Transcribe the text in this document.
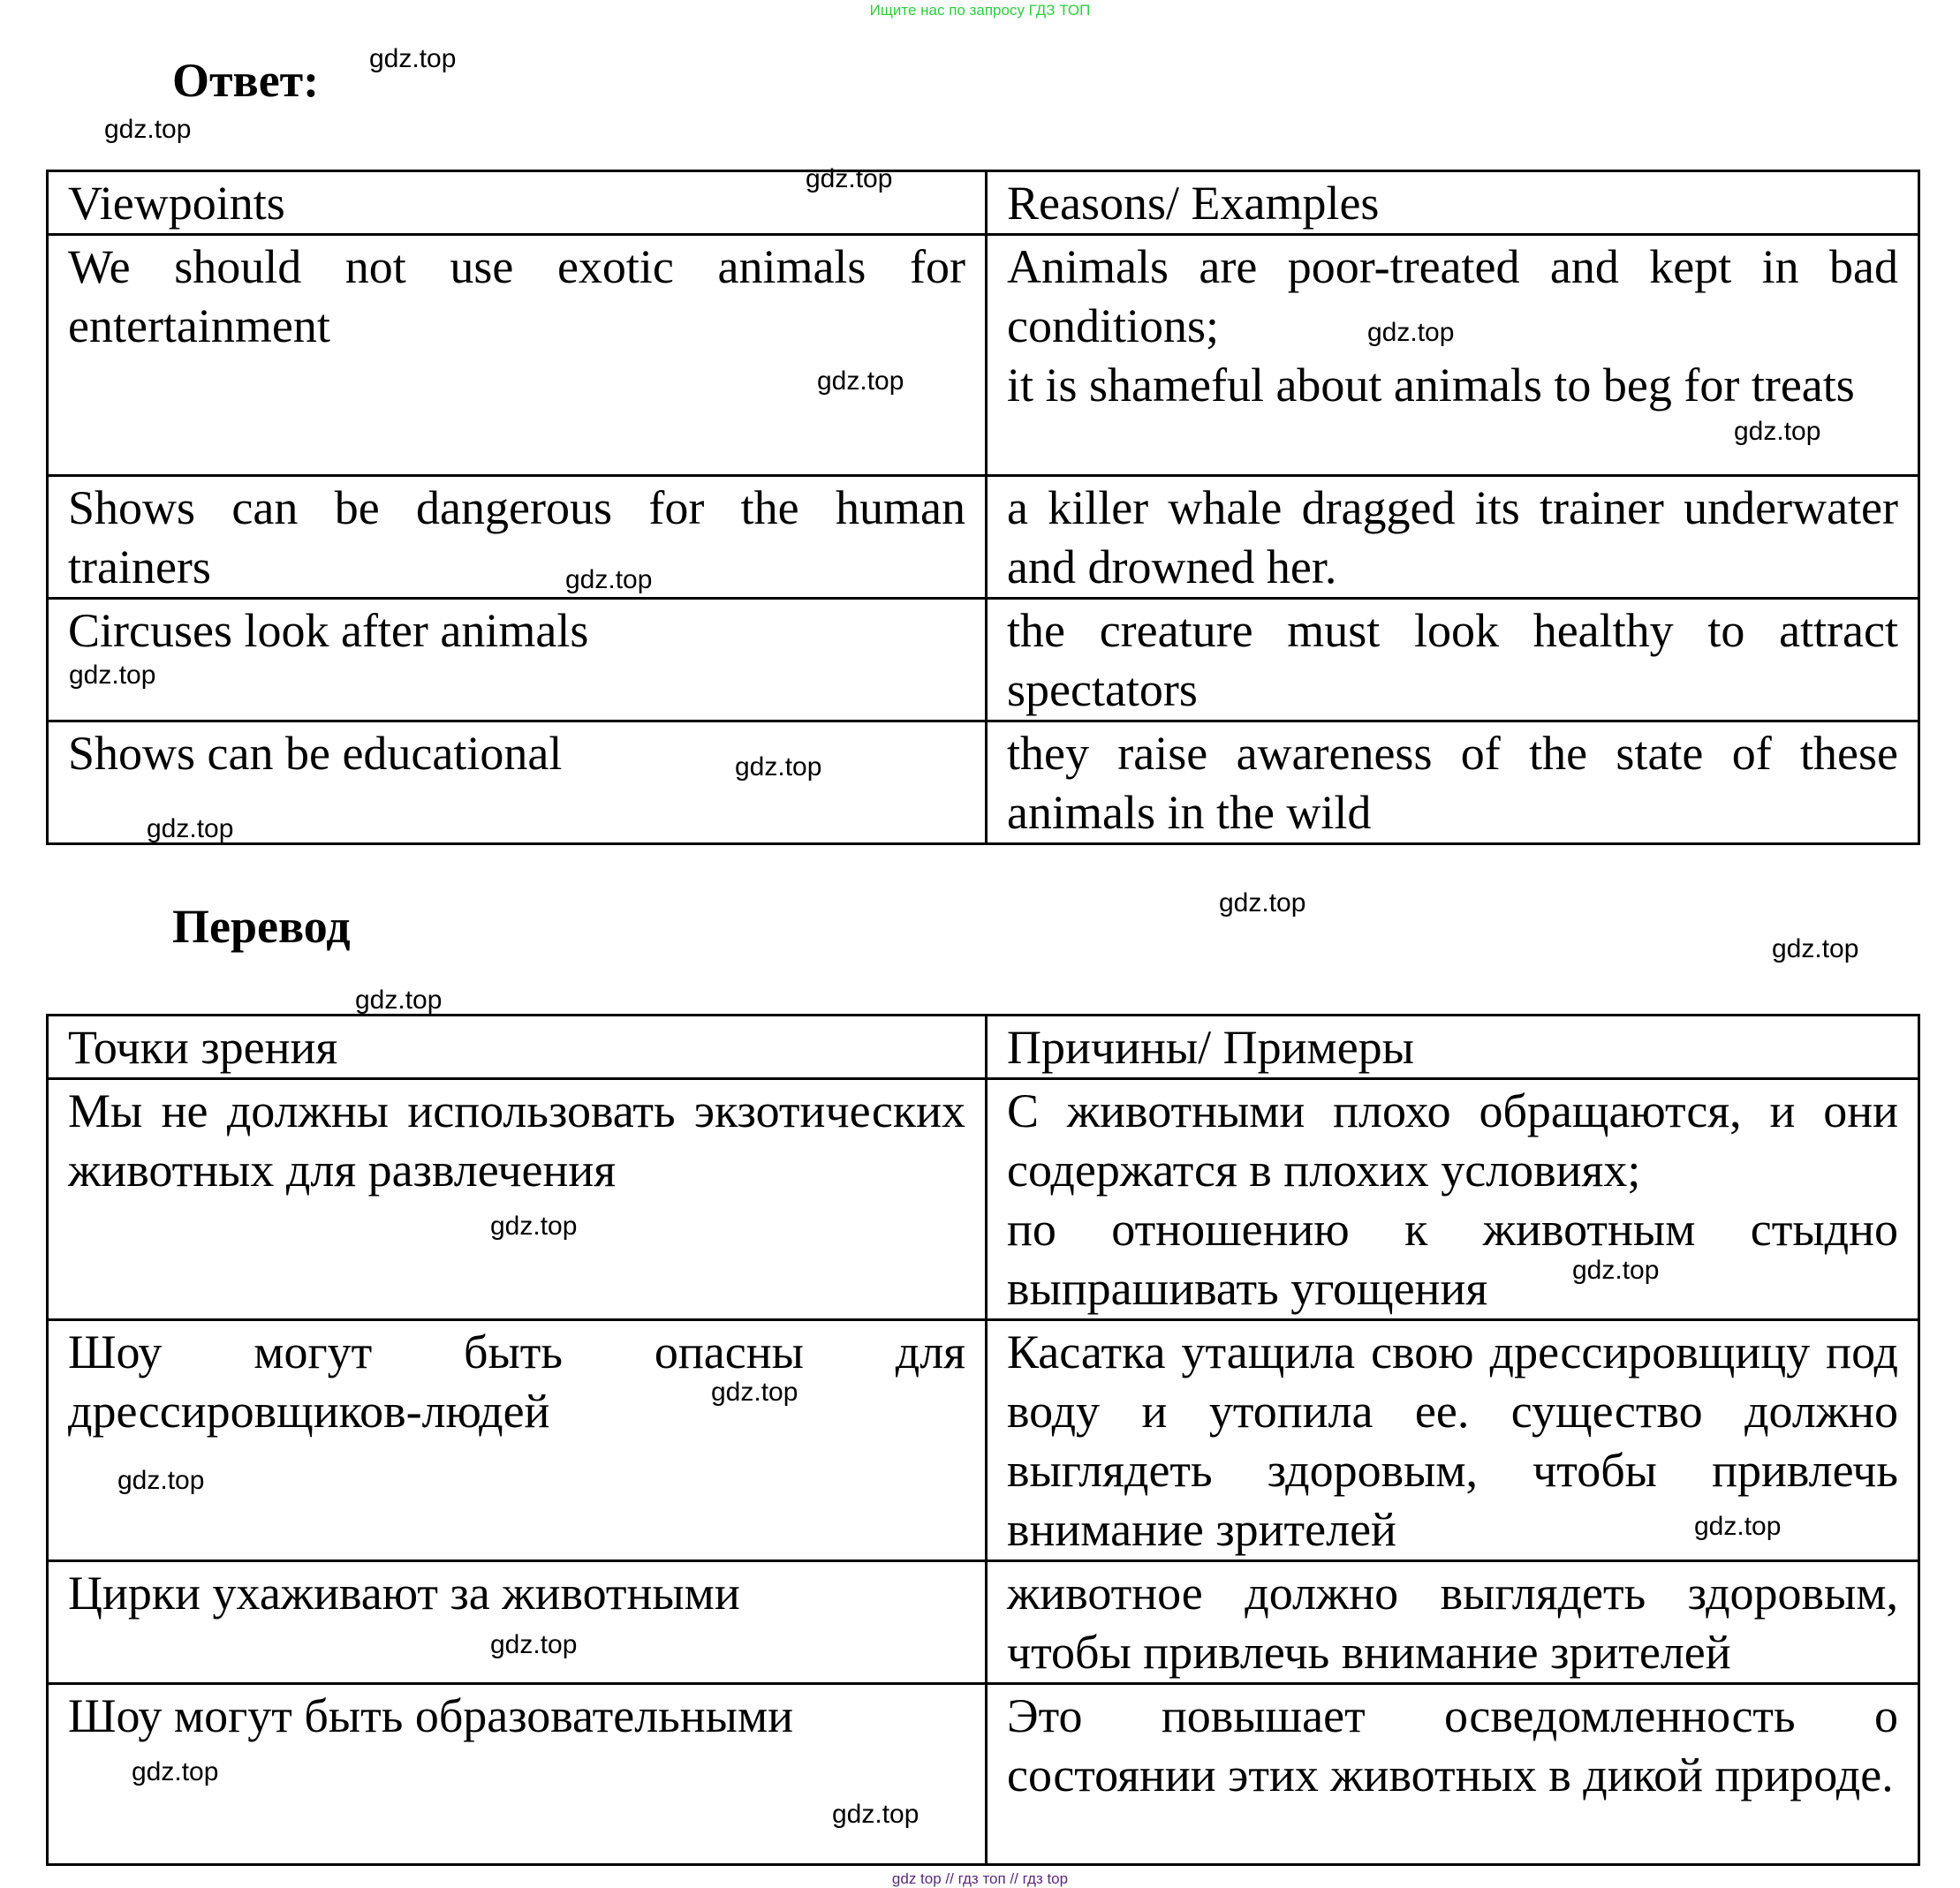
Ищите нас по запросу ГДЗ ТОП
Ответ:
Viewpoints	Reasons/ Examples
We should not use exotic animals for entertainment	Animals are poor-treated and kept in bad conditions;
it is shameful about animals to beg for treats

Shows can be dangerous for the human trainers	a killer whale dragged its trainer underwater and drowned her.
Circuses look after animals	the creature must look healthy to attract spectators
Shows can be educational	they raise awareness of the state of these animals in the wild
Перевод
Точки зрения	Причины/ Примеры
Мы не должны использовать экзотических животных для развлечения	С животными плохо обращаются, и они содержатся в плохих условиях;
по отношению к животным стыдно выпрашивать угощения

Шоу могут быть опасны для дрессировщиков-людей	Касатка утащила свою дрессировщицу под воду и утопила ее. существо должно выглядеть здоровым, чтобы привлечь внимание зрителей
Цирки ухаживают за животными	животное должно выглядеть здоровым, чтобы привлечь внимание зрителей
Шоу могут быть образовательными	Это повышает осведомленность о состоянии этих животных в дикой природе.
gdz.top
gdz.top
gdz.top
gdz.top
gdz.top
gdz.top
gdz.top
gdz.top
gdz.top
gdz.top
gdz.top
gdz.top
gdz.top
gdz.top
gdz.top
gdz.top
gdz.top
gdz.top
gdz.top
gdz.top
gdz.top
gdz top // гдз топ // гдз top
